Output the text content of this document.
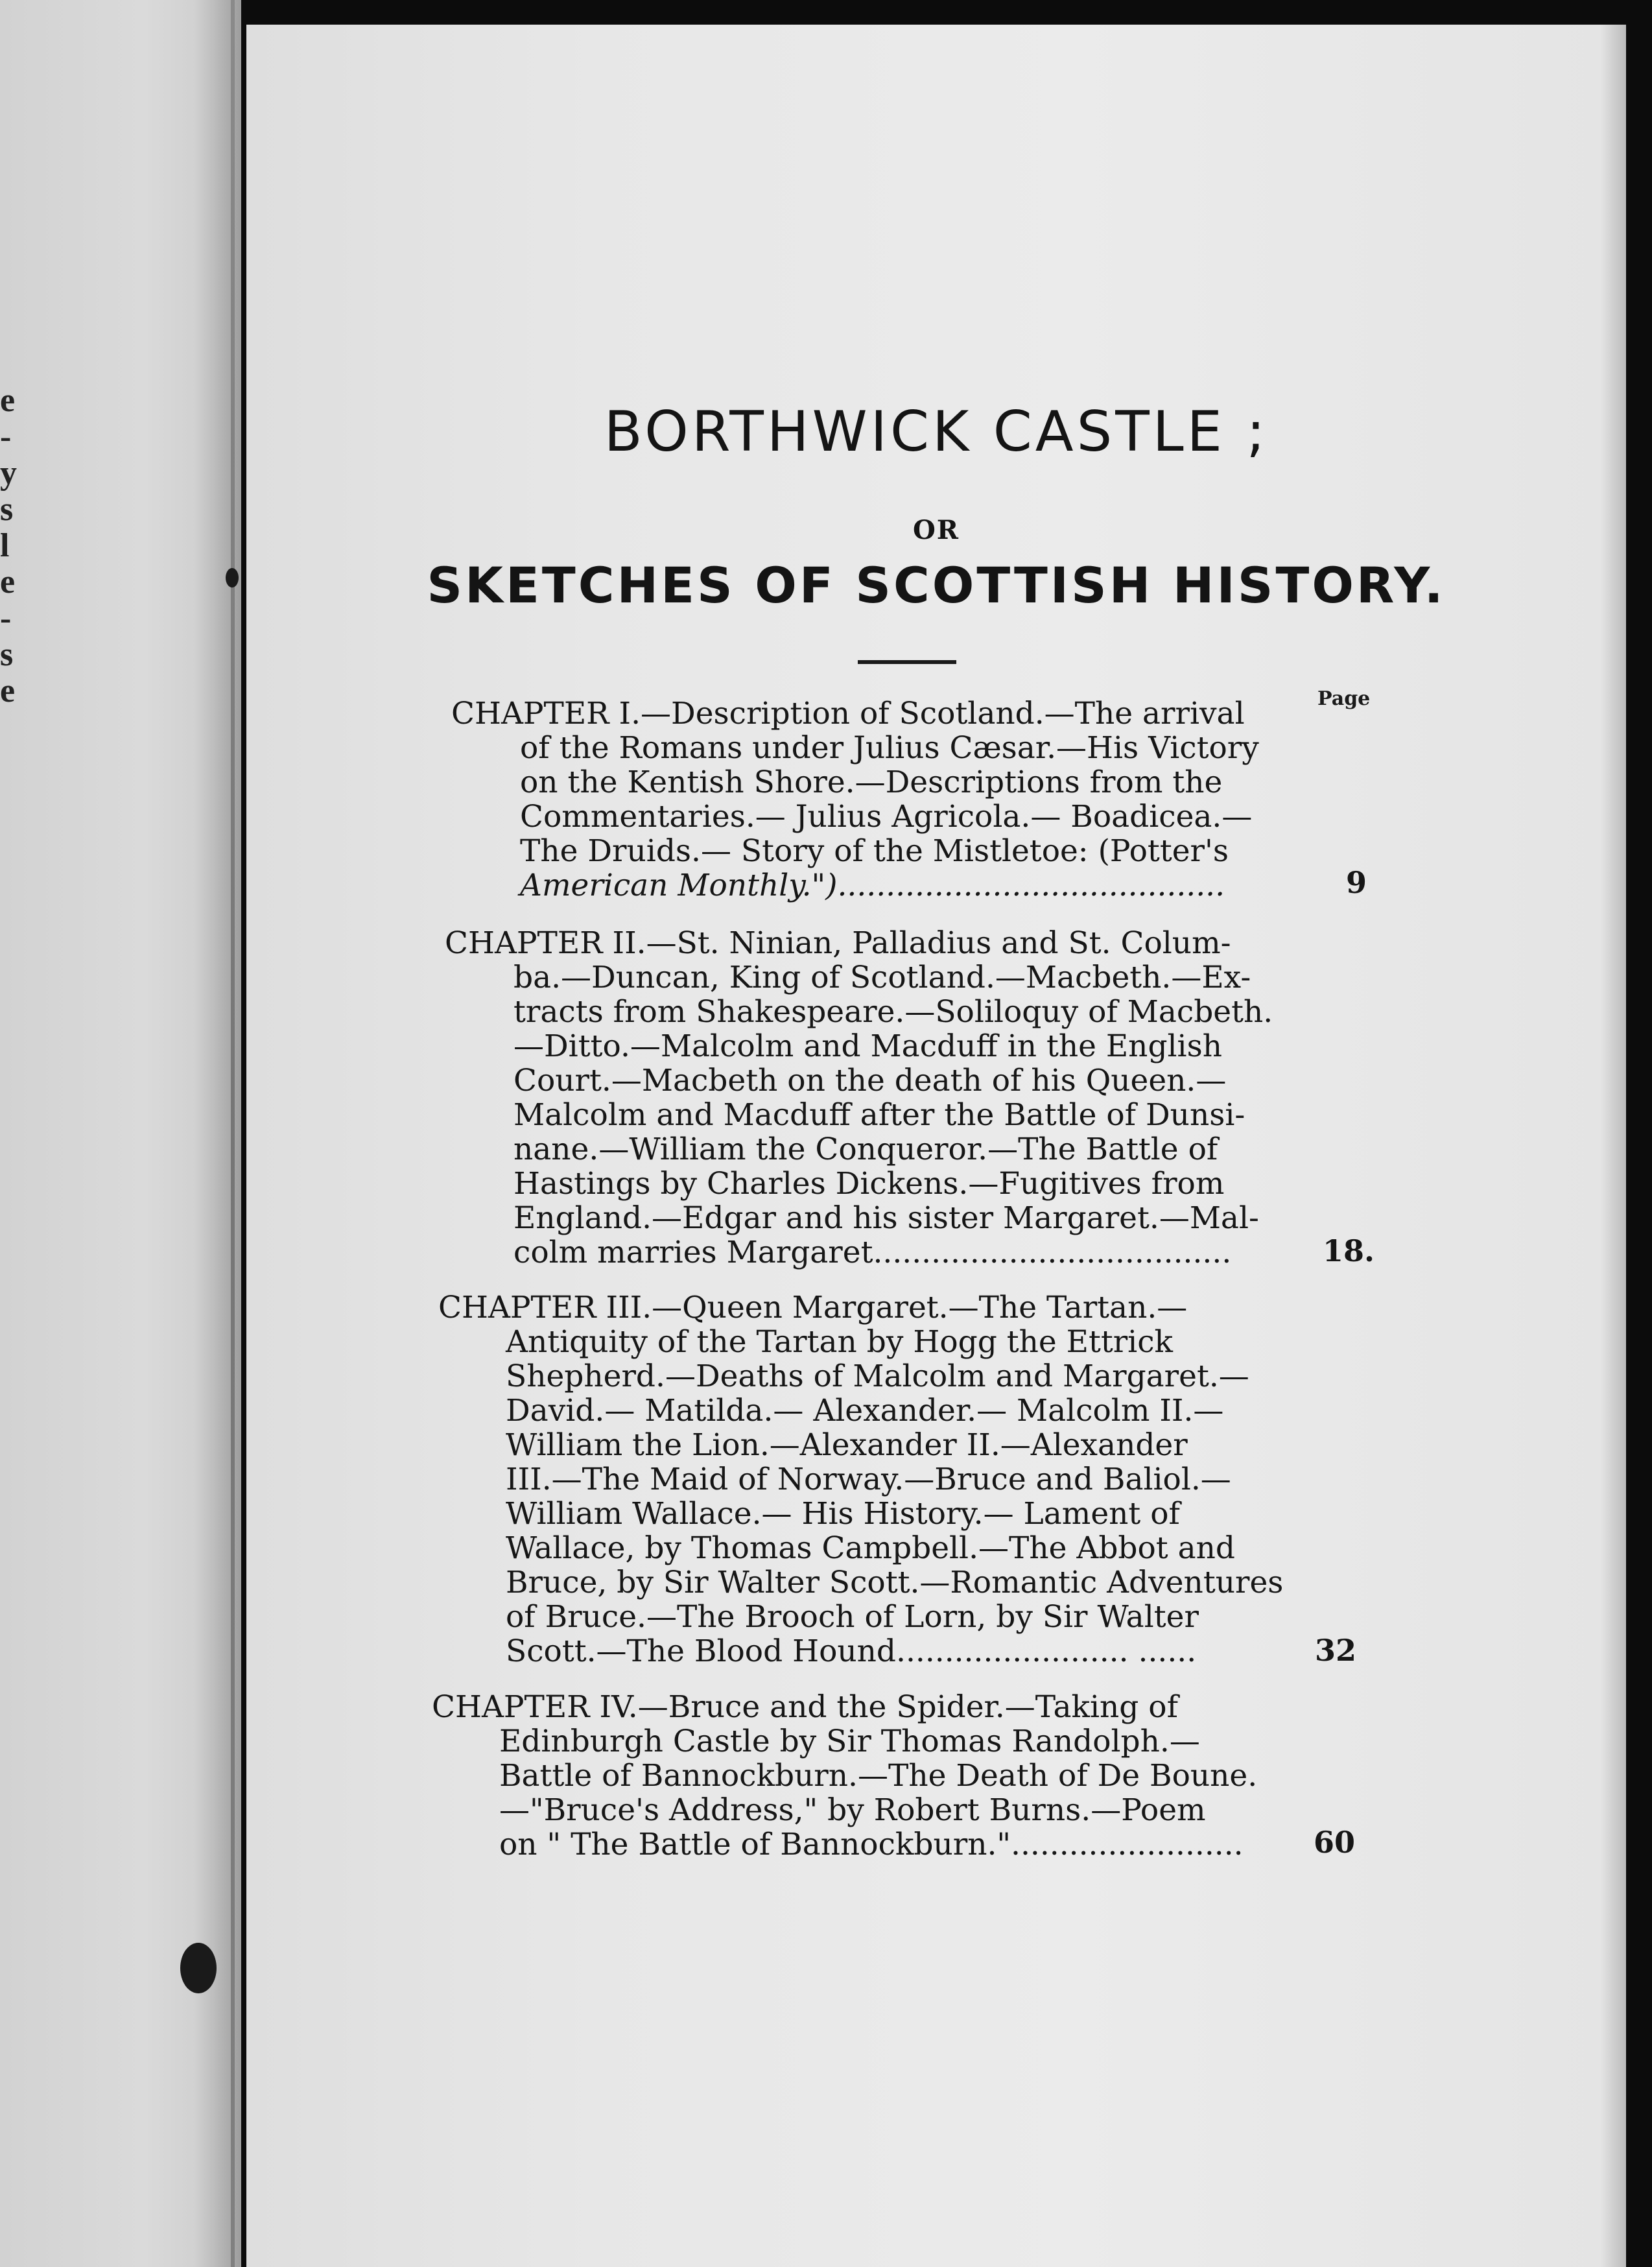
e
-
y
s
l
e
-
s
e
BORTHWICK CASTLE ;
OR
SKETCHES OF SCOTTISH HISTORY.
Page
CHAPTER I.—Description of Scotland.—The arrival
of the Romans under Julius Cæsar.—His Victory
on the Kentish Shore.—Descriptions from the
Commentaries.— Julius Agricola.— Boadicea.—
The Druids.— Story of the Mistletoe: (Potter's
American Monthly.")........................................	9
CHAPTER II.—St. Ninian, Palladius and St. Colum-
ba.—Duncan, King of Scotland.—Macbeth.—Ex-
tracts from Shakespeare.—Soliloquy of Macbeth.
—Ditto.—Malcolm and Macduff in the English
Court.—Macbeth on the death of his Queen.—
Malcolm and Macduff after the Battle of Dunsi-
nane.—William the Conqueror.—The Battle of
Hastings by Charles Dickens.—Fugitives from
England.—Edgar and his sister Margaret.—Mal-
colm marries Margaret.....................................	18.
CHAPTER III.—Queen Margaret.—The Tartan.—
Antiquity of the Tartan by Hogg the Ettrick
Shepherd.—Deaths of Malcolm and Margaret.—
David.— Matilda.— Alexander.— Malcolm II.—
William the Lion.—Alexander II.—Alexander
III.—The Maid of Norway.—Bruce and Baliol.—
William Wallace.— His History.— Lament of
Wallace, by Thomas Campbell.—The Abbot and
Bruce, by Sir Walter Scott.—Romantic Adventures
of Bruce.—The Brooch of Lorn, by Sir Walter
Scott.—The Blood Hound........................ ......	32
CHAPTER IV.—Bruce and the Spider.—Taking of
Edinburgh Castle by Sir Thomas Randolph.—
Battle of Bannockburn.—The Death of De Boune.
—"Bruce's Address," by Robert Burns.—Poem
on " The Battle of Bannockburn."........................ 60
